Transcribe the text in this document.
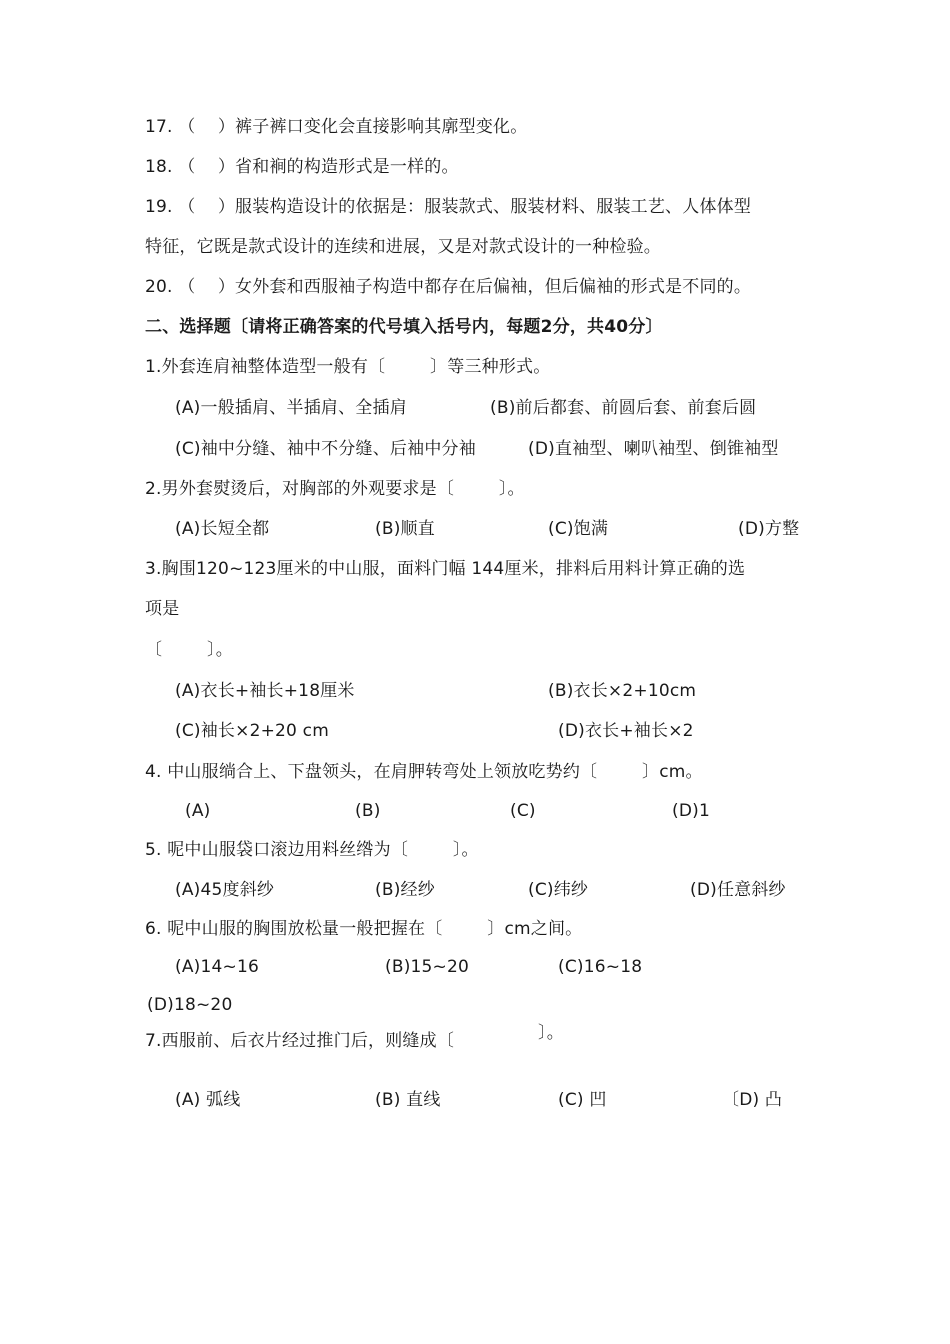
17. （    ）裤子裤口变化会直接影响其廓型变化。
18. （    ）省和裥的构造形式是一样的。
19. （    ）服装构造设计的依据是：服装款式、服装材料、服装工艺、人体体型
特征，它既是款式设计的连续和进展，又是对款式设计的一种检验。
20. （    ）女外套和西服袖子构造中都存在后偏袖，但后偏袖的形式是不同的。
二、选择题〔请将正确答案的代号填入括号内，每题2分，共40分〕
1.外套连肩袖整体造型一般有〔        〕等三种形式。
(A)一般插肩、半插肩、全插肩	(B)前后都套、前圆后套、前套后圆
(C)袖中分缝、袖中不分缝、后袖中分袖	(D)直袖型、喇叭袖型、倒锥袖型
2.男外套熨烫后，对胸部的外观要求是〔        〕。
(A)长短全都	(B)顺直	(C)饱满	(D)方整
3.胸围120~123厘米的中山服，面料门幅 144厘米，排料后用料计算正确的选
项是
〔        〕。
(A)衣长+袖长+18厘米	(B)衣长×2+10cm
(C)袖长×2+20 cm	(D)衣长+袖长×2
4. 中山服绱合上、下盘领头，在肩胛转弯处上领放吃势约〔        〕cm。
(A)	(B)	(C)	(D)1
5. 呢中山服袋口滚边用料丝绺为〔        〕。
(A)45度斜纱	(B)经纱	(C)纬纱	(D)任意斜纱
6. 呢中山服的胸围放松量一般把握在〔        〕cm之间。
(A)14~16	(B)15~20	(C)16~18
(D)18~20
7.西服前、后衣片经过推门后，则缝成〔	〕。
(A) 弧线	(B) 直线	(C) 凹	〔D) 凸
